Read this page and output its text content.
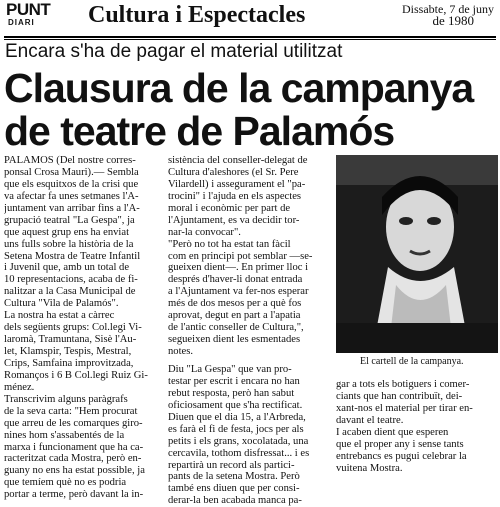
PUNT
DIARI Cultura i Espectacles	Dissabte, 7 de juny
de 1980
Encara s'ha de pagar el material utilitzat
Clausura de la campanya
de teatre de Palamós
PALAMOS (Del nostre corres-
ponsal Crosa Mauri).— Sembla
que els esquitxos de la crisi que
va afectar fa unes setmanes l'A-
juntament van arribar fins a l'A-
grupació teatral "La Gespa", ja
que aquest grup ens ha enviat
uns fulls sobre la història de la
Setena Mostra de Teatre Infantil
i Juvenil que, amb un total de
10 representacions, acaba de fi-
nalitzar a la Casa Municipal de
Cultura "Vila de Palamós".
La nostra ha estat a càrrec
dels següents grups: Col.legi Vi-
laromà, Tramuntana, Sisè l'Au-
let, Klamspir, Tespis, Mestral,
Crips, Samfaina improvitzada,
Romanços i 6 B Col.legi Ruiz Gi-
ménez.
Transcrivim alguns paràgrafs
de la seva carta: "Hem procurat
que arreu de les comarques giro-
nines hom s'assabentés de la
marxa i funcionament que ha ca-
racteritzat cada Mostra, però en-
guany no ens ha estat possible, ja
que temíem què no es podria
portar a terme, però davant la in-
sistència del conseller-delegat de
Cultura d'aleshores (el Sr. Pere
Vilardell) i assegurament el "pa-
trocini" i l'ajuda en els aspectes
moral i econòmic per part de
l'Ajuntament, es va decidir tor-
nar-la convocar".
"Però no tot ha estat tan fàcil
com en principi pot semblar —se-
gueixen dient—. En primer lloc i
després d'haver-li donat entrada
a l'Ajuntament va fer-nos esperar
més de dos mesos per a què fos
aprovat, degut en part a l'apatia
de l'antic conseller de Cultura,",
segueixen dient les esmentades
notes.
Diu "La Gespa" que van pro-
testar per escrit i encara no han
rebut resposta, però han sabut
oficiosament que s'ha rectificat.
Diuen que el dia 15, a l'Arbreda,
es farà el fi de festa, jocs per als
petits i els grans, xocolatada, una
cercavila, tothom disfressat... i es
repartirà un record als partici-
pants de la setena Mostra. Però
també ens diuen que per consi-
derar-la ben acabada manca pa-
El cartell de la campanya.
gar a tots els botiguers i comer-
ciants que han contribuït, dei-
xant-nos el material per tirar en-
davant el teatre.
I acaben dient que esperen
que el proper any i sense tants
entrebancs es pugui celebrar la
vuitena Mostra.
